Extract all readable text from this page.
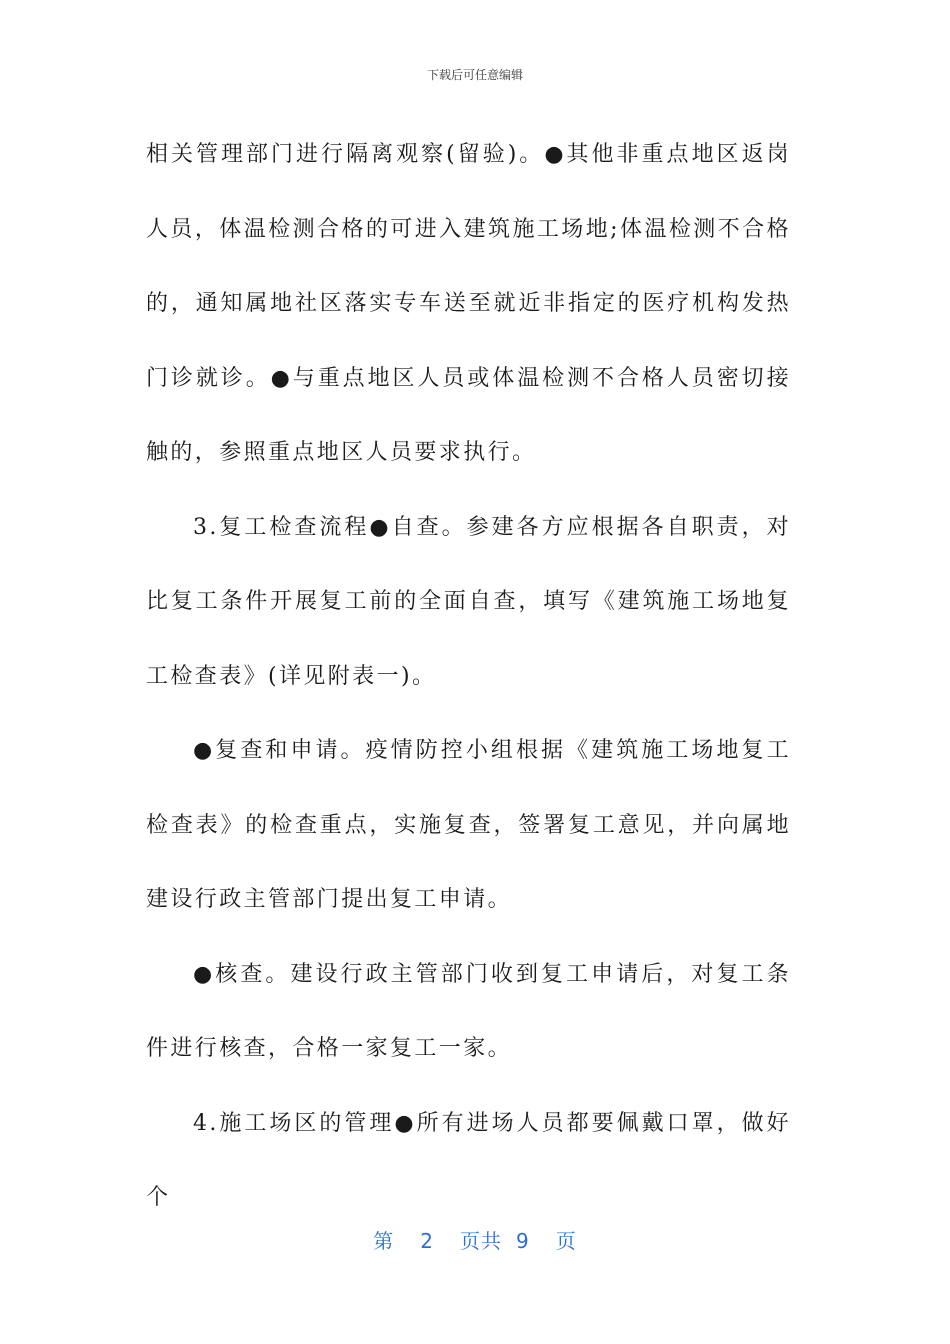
下载后可任意编辑

相关管理部门进行隔离观察(留验)。●其他非重点地区返岗人员，体温检测合格的可进入建筑施工场地;体温检测不合格的，通知属地社区落实专车送至就近非指定的医疗机构发热门诊就诊。●与重点地区人员或体温检测不合格人员密切接触的，参照重点地区人员要求执行。

3.复工检查流程●自查。参建各方应根据各自职责，对比复工条件开展复工前的全面自查，填写《建筑施工场地复工检查表》(详见附表一)。

●复查和申请。疫情防控小组根据《建筑施工场地复工检查表》的检查重点，实施复查，签署复工意见，并向属地建设行政主管部门提出复工申请。

●核查。建设行政主管部门收到复工申请后，对复工条件进行核查，合格一家复工一家。

4.施工场区的管理●所有进场人员都要佩戴口罩，做好个

第 2 页共 9 页
